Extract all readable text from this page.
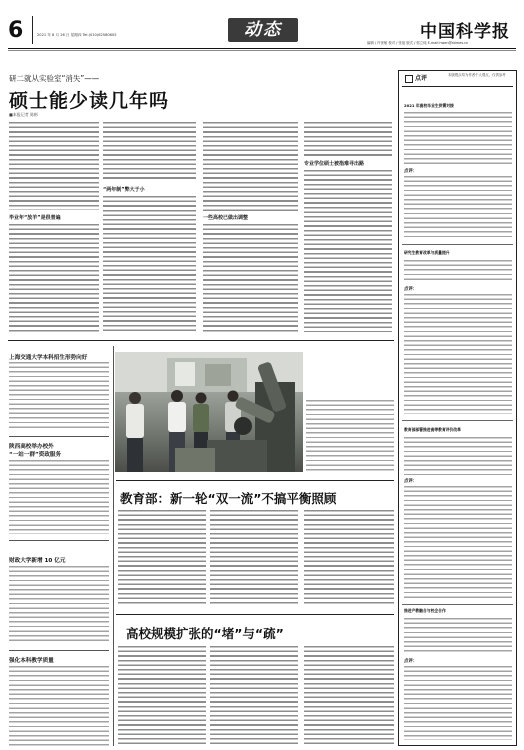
6	2021 年 8 月 26 日 星期四 Tel:(010)62580605	动态	中国科学报
编辑 / 许世敏 校对 / 张旭 版式 / 郭立纯 E-mail:hwen@stimes.cn
研二就从实验室“消失”——
硕士能少读几年吗
■本报记者 陈彬
毕业年“放羊”是很普遍
“两年制”弊大于小
一些高校已做出调整
专业学位硕士被指难寻出路
上海交通大学本科招生形势向好
陕西高校举办校外
“一站一群”资政服务
财政大学新增 10 亿元
强化本科教学质量
教育部：新一轮“双一流”不搞平衡照顾
高校规模扩张的“堵”与“疏”
点评	本版观点均为作者个人观点，仅供参考
2021 年高校毕业生供需对接
点评：
研究生教育改革与质量提升
点评：
教育部部署推进高等教育评价改革
点评：
推进产教融合与校企合作
点评：
